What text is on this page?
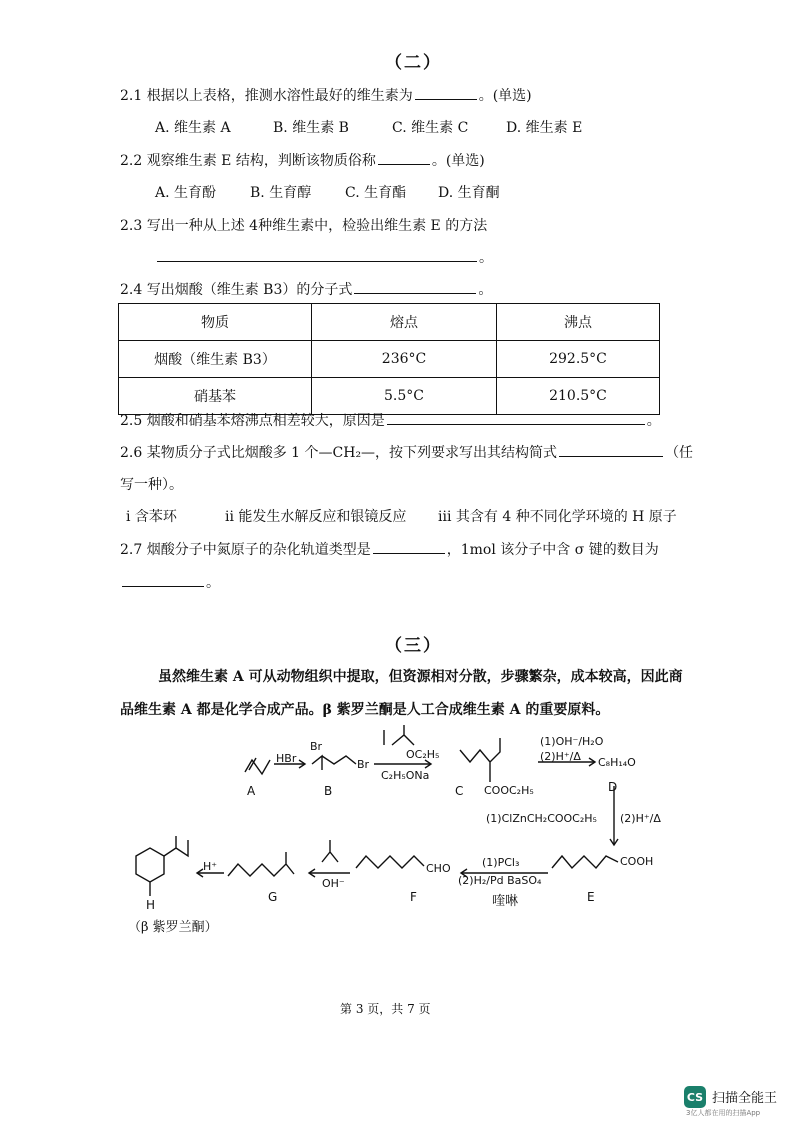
（二）
2.1 根据以上表格，推测水溶性最好的维生素为	。(单选)
A. 维生素 A	B. 维生素 B	C. 维生素 C	D. 维生素 E
2.2 观察维生素 E 结构，判断该物质俗称	。(单选)
A. 生育酚 B. 生育醇 C. 生育酯 D. 生育酮
2.3 写出一种从上述 4种维生素中，检验出维生素 E 的方法
。
2.4 写出烟酸（维生素 B3）的分子式	。
物质	熔点	沸点
烟酸（维生素 B3）	236°C	292.5°C
硝基苯	5.5°C	210.5°C
2.5 烟酸和硝基苯熔沸点相差较大，原因是	。
2.6 某物质分子式比烟酸多 1 个—CH₂—，按下列要求写出其结构简式	（任
写一种）。
i 含苯环	ii 能发生水解反应和银镜反应 iii 其含有 4 种不同化学环境的 H 原子
2.7 烟酸分子中氮原子的杂化轨道类型是	，1mol 该分子中含 σ 键的数目为
。
（三）
虽然维生素 A 可从动物组织中提取，但资源相对分散，步骤繁杂，成本较高，因此商
品维生素 A 都是化学合成产品。β 紫罗兰酮是人工合成维生素 A 的重要原料。
A	B	C	D
E
F
G
H
HBr
Br
Br
OC₂H₅
C₂H₅ONa
COOC₂H₅
(1)OH⁻/H₂O
(2)H⁺/Δ C₈H₁₄O
(1)ClZnCH₂COOC₂H₅ (2)H⁺/Δ
COOH
(1)PCl₃
(2)H₂/Pd BaSO₄
喹啉
CHO
OH⁻
H⁺
（β 紫罗兰酮）
第 3 页，共 7 页
CS 扫描全能王
3亿人都在用的扫描App
